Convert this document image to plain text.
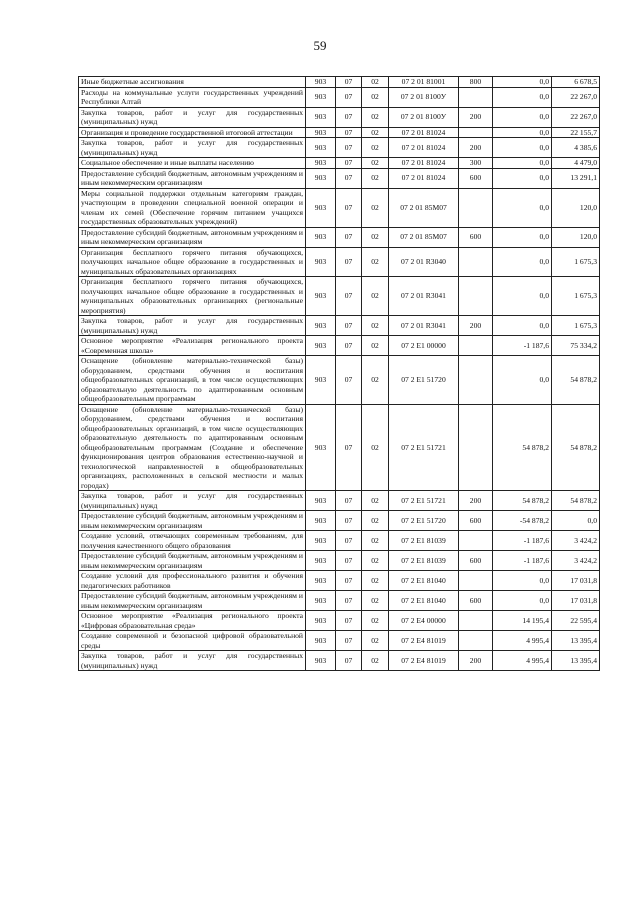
59
Иные бюджетные ассигнования	903	07	02	07 2 01 81001	800	0,0	6 678,5
Расходы на коммунальные услуги государственных учреждений Республики Алтай	903	07	02	07 2 01 8100У		0,0	22 267,0
Закупка товаров, работ и услуг для государственных (муниципальных) нужд	903	07	02	07 2 01 8100У	200	0,0	22 267,0
Организация и проведение государственной итоговой аттестации	903	07	02	07 2 01 81024		0,0	22 155,7
Закупка товаров, работ и услуг для государственных (муниципальных) нужд	903	07	02	07 2 01 81024	200	0,0	4 385,6
Социальное обеспечение и иные выплаты населению	903	07	02	07 2 01 81024	300	0,0	4 479,0
Предоставление субсидий бюджетным, автономным учреждениям и иным некоммерческим организациям	903	07	02	07 2 01 81024	600	0,0	13 291,1
Меры социальной поддержки отдельным категориям граждан, участвующим в проведении специальной военной операции и членам их семей (Обеспечение горячим питанием учащихся государственных образовательных учреждений)	903	07	02	07 2 01 85М07		0,0	120,0
Предоставление субсидий бюджетным, автономным учреждениям и иным некоммерческим организациям	903	07	02	07 2 01 85М07	600	0,0	120,0
Организация бесплатного горячего питания обучающихся, получающих начальное общее образование в государственных и муниципальных образовательных организациях	903	07	02	07 2 01 R3040		0,0	1 675,3
Организация бесплатного горячего питания обучающихся, получающих начальное общее образование в государственных и муниципальных образовательных организациях (региональные мероприятия)	903	07	02	07 2 01 R3041		0,0	1 675,3
Закупка товаров, работ и услуг для государственных (муниципальных) нужд	903	07	02	07 2 01 R3041	200	0,0	1 675,3
Основное мероприятие «Реализация регионального проекта «Современная школа»	903	07	02	07 2 Е1 00000		-1 187,6	75 334,2
Оснащение (обновление материально-технической базы) оборудованием, средствами обучения и воспитания общеобразовательных организаций, в том числе осуществляющих образовательную деятельность по адаптированным основным общеобразовательным программам	903	07	02	07 2 Е1 51720		0,0	54 878,2
Оснащение (обновление материально-технической базы) оборудованием, средствами обучения и воспитания общеобразовательных организаций, в том числе осуществляющих образовательную деятельность по адаптированным основным общеобразовательным программам (Создание и обеспечение функционирования центров образования естественно-научной и технологической направленностей в общеобразовательных организациях, расположенных в сельской местности и малых городах)	903	07	02	07 2 Е1 51721		54 878,2	54 878,2
Закупка товаров, работ и услуг для государственных (муниципальных) нужд	903	07	02	07 2 Е1 51721	200	54 878,2	54 878,2
Предоставление субсидий бюджетным, автономным учреждениям и иным некоммерческим организациям	903	07	02	07 2 Е1 51720	600	-54 878,2	0,0
Создание условий, отвечающих современным требованиям, для получения качественного общего образования	903	07	02	07 2 Е1 81039		-1 187,6	3 424,2
Предоставление субсидий бюджетным, автономным учреждениям и иным некоммерческим организациям	903	07	02	07 2 Е1 81039	600	-1 187,6	3 424,2
Создание условий для профессионального развития и обучения педагогических работников	903	07	02	07 2 Е1 81040		0,0	17 031,8
Предоставление субсидий бюджетным, автономным учреждениям и иным некоммерческим организациям	903	07	02	07 2 Е1 81040	600	0,0	17 031,8
Основное мероприятие «Реализация регионального проекта «Цифровая образовательная среда»	903	07	02	07 2 Е4 00000		14 195,4	22 595,4
Создание современной и безопасной цифровой образовательной среды	903	07	02	07 2 Е4 81019		4 995,4	13 395,4
Закупка товаров, работ и услуг для государственных (муниципальных) нужд	903	07	02	07 2 Е4 81019	200	4 995,4	13 395,4
